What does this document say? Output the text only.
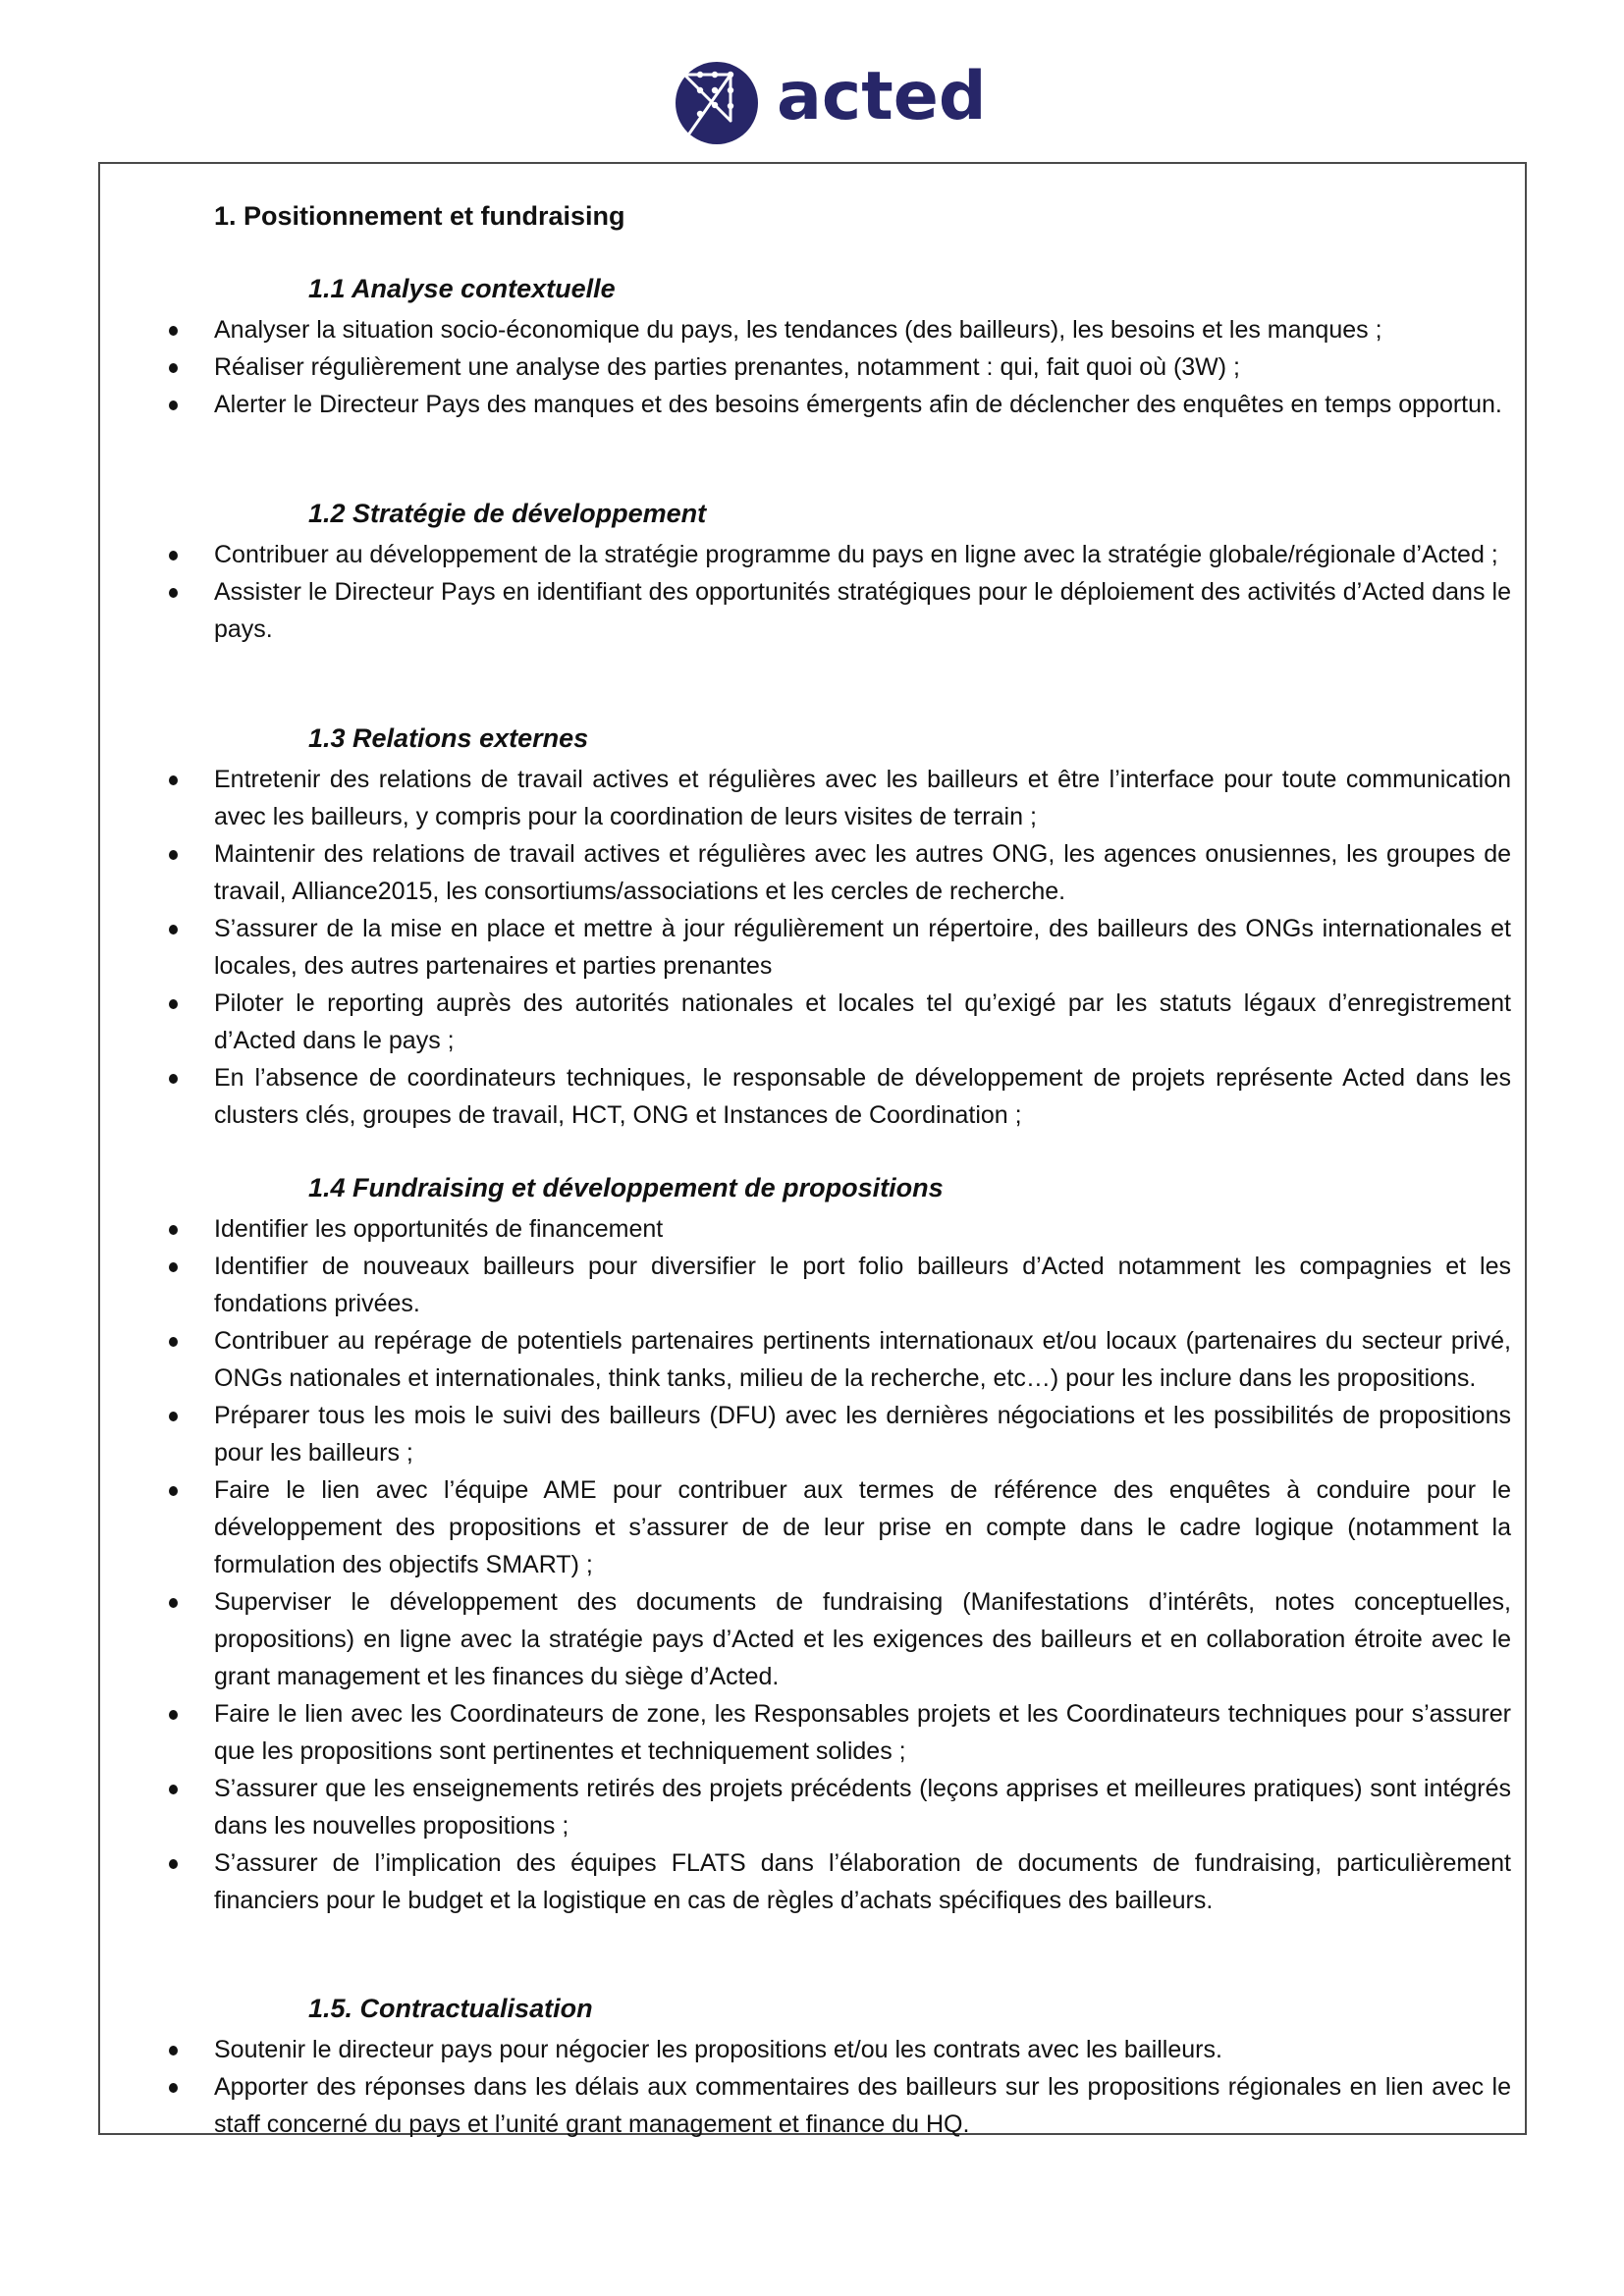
acted
1. Positionnement et fundraising
1.1 Analyse contextuelle
Analyser la situation socio-économique du pays, les tendances (des bailleurs), les besoins et les manques ;
Réaliser régulièrement une analyse des parties prenantes, notamment : qui, fait quoi où (3W) ;
Alerter le Directeur Pays des manques et des besoins émergents afin de déclencher des enquêtes en temps opportun.
1.2 Stratégie de développement
Contribuer au développement de la stratégie programme du pays en ligne avec la stratégie globale/régionale d’Acted ;
Assister le Directeur Pays en identifiant des opportunités stratégiques pour le déploiement des activités d’Acted dans le pays.
1.3 Relations externes
Entretenir des relations de travail actives et régulières avec les bailleurs et être l’interface pour toute communication avec les bailleurs, y compris pour la coordination de leurs visites de terrain ;
Maintenir des relations de travail actives et régulières avec les autres ONG, les agences onusiennes, les groupes de travail, Alliance2015, les consortiums/associations et les cercles de recherche.
S’assurer de la mise en place et mettre à jour régulièrement un répertoire, des bailleurs des ONGs internationales et locales, des autres partenaires et parties prenantes
Piloter le reporting auprès des autorités nationales et locales tel qu’exigé par les statuts légaux d’enregistrement d’Acted dans le pays ;
En l’absence de coordinateurs techniques, le responsable de développement de projets représente Acted dans les clusters clés, groupes de travail, HCT, ONG et Instances de Coordination ;
1.4 Fundraising et développement de propositions
Identifier les opportunités de financement
Identifier de nouveaux bailleurs pour diversifier le port folio bailleurs d’Acted notamment les compagnies et les fondations privées.
Contribuer au repérage de potentiels partenaires pertinents internationaux et/ou locaux (partenaires du secteur privé, ONGs nationales et internationales, think tanks, milieu de la recherche, etc…) pour les inclure dans les propositions.
Préparer tous les mois le suivi des bailleurs (DFU) avec les dernières négociations et les possibilités de propositions pour les bailleurs ;
Faire le lien avec l’équipe AME pour contribuer aux termes de référence des enquêtes à conduire pour le développement des propositions et s’assurer de de leur prise en compte dans le cadre logique (notamment la formulation des objectifs SMART) ;
Superviser le développement des documents de fundraising (Manifestations d’intérêts, notes conceptuelles, propositions) en ligne avec la stratégie pays d’Acted et les exigences des bailleurs et en collaboration étroite avec le grant management et les finances du siège d’Acted.
Faire le lien avec les Coordinateurs de zone, les Responsables projets et les Coordinateurs techniques pour s’assurer que les propositions sont pertinentes et techniquement solides ;
S’assurer que les enseignements retirés des projets précédents (leçons apprises et meilleures pratiques) sont intégrés dans les nouvelles propositions ;
S’assurer de l’implication des équipes FLATS dans l’élaboration de documents de fundraising, particulièrement financiers pour le budget et la logistique en cas de règles d’achats spécifiques des bailleurs.
1.5. Contractualisation
Soutenir le directeur pays pour négocier les propositions et/ou les contrats avec les bailleurs.
Apporter des réponses dans les délais aux commentaires des bailleurs sur les propositions régionales en lien avec le staff concerné du pays et l’unité grant management et finance du HQ.
